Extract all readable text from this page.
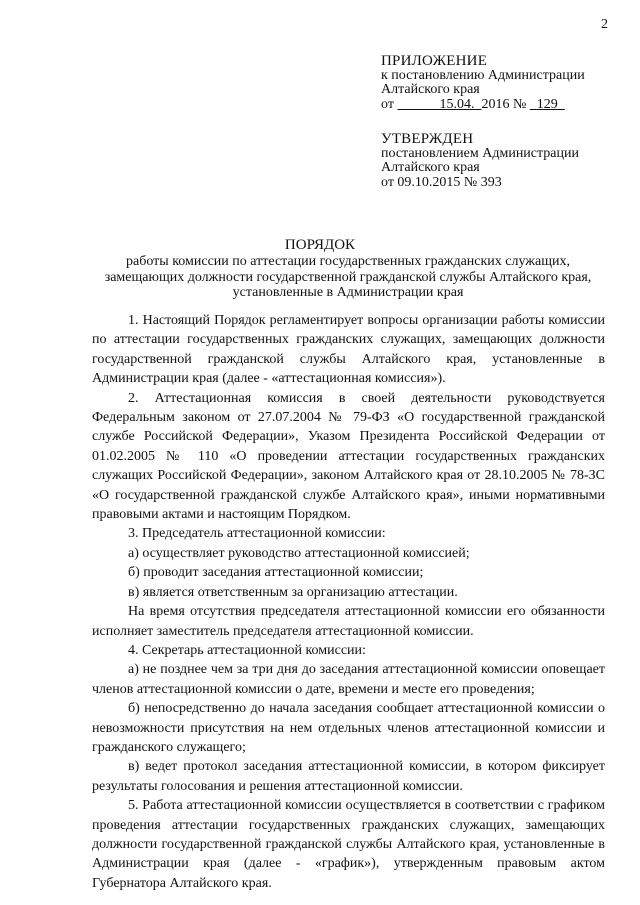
2
ПРИЛОЖЕНИЕ
к постановлению Администрации
Алтайского края
от	15.04. 2016 № 129
УТВЕРЖДЕН
постановлением Администрации
Алтайского края
от 09.10.2015 № 393
ПОРЯДОК
работы комиссии по аттестации государственных гражданских служащих, замещающих должности государственной гражданской службы Алтайского края, установленные в Администрации края

1. Настоящий Порядок регламентирует вопросы организации работы комиссии по аттестации государственных гражданских служащих, замещающих должности государственной гражданской службы Алтайского края, установленные в Администрации края (далее - «аттестационная комиссия»).

2. Аттестационная комиссия в своей деятельности руководствуется Федеральным законом от 27.07.2004 № 79-ФЗ «О государственной гражданской службе Российской Федерации», Указом Президента Российской Федерации от 01.02.2005 № 110 «О проведении аттестации государственных гражданских служащих Российской Федерации», законом Алтайского края от 28.10.2005 № 78-ЗС «О государственной гражданской службе Алтайского края», иными нормативными правовыми актами и настоящим Порядком.

3. Председатель аттестационной комиссии:

а) осуществляет руководство аттестационной комиссией;

б) проводит заседания аттестационной комиссии;

в) является ответственным за организацию аттестации.

На время отсутствия председателя аттестационной комиссии его обязанности исполняет заместитель председателя аттестационной комиссии.

4. Секретарь аттестационной комиссии:

а) не позднее чем за три дня до заседания аттестационной комиссии оповещает членов аттестационной комиссии о дате, времени и месте его проведения;

б) непосредственно до начала заседания сообщает аттестационной комиссии о невозможности присутствия на нем отдельных членов аттестационной комиссии и гражданского служащего;

в) ведет протокол заседания аттестационной комиссии, в котором фиксирует результаты голосования и решения аттестационной комиссии.

5. Работа аттестационной комиссии осуществляется в соответствии с графиком проведения аттестации государственных гражданских служащих, замещающих должности государственной гражданской службы Алтайского края, установленные в Администрации края (далее - «график»), утвержденным правовым актом Губернатора Алтайского края.
